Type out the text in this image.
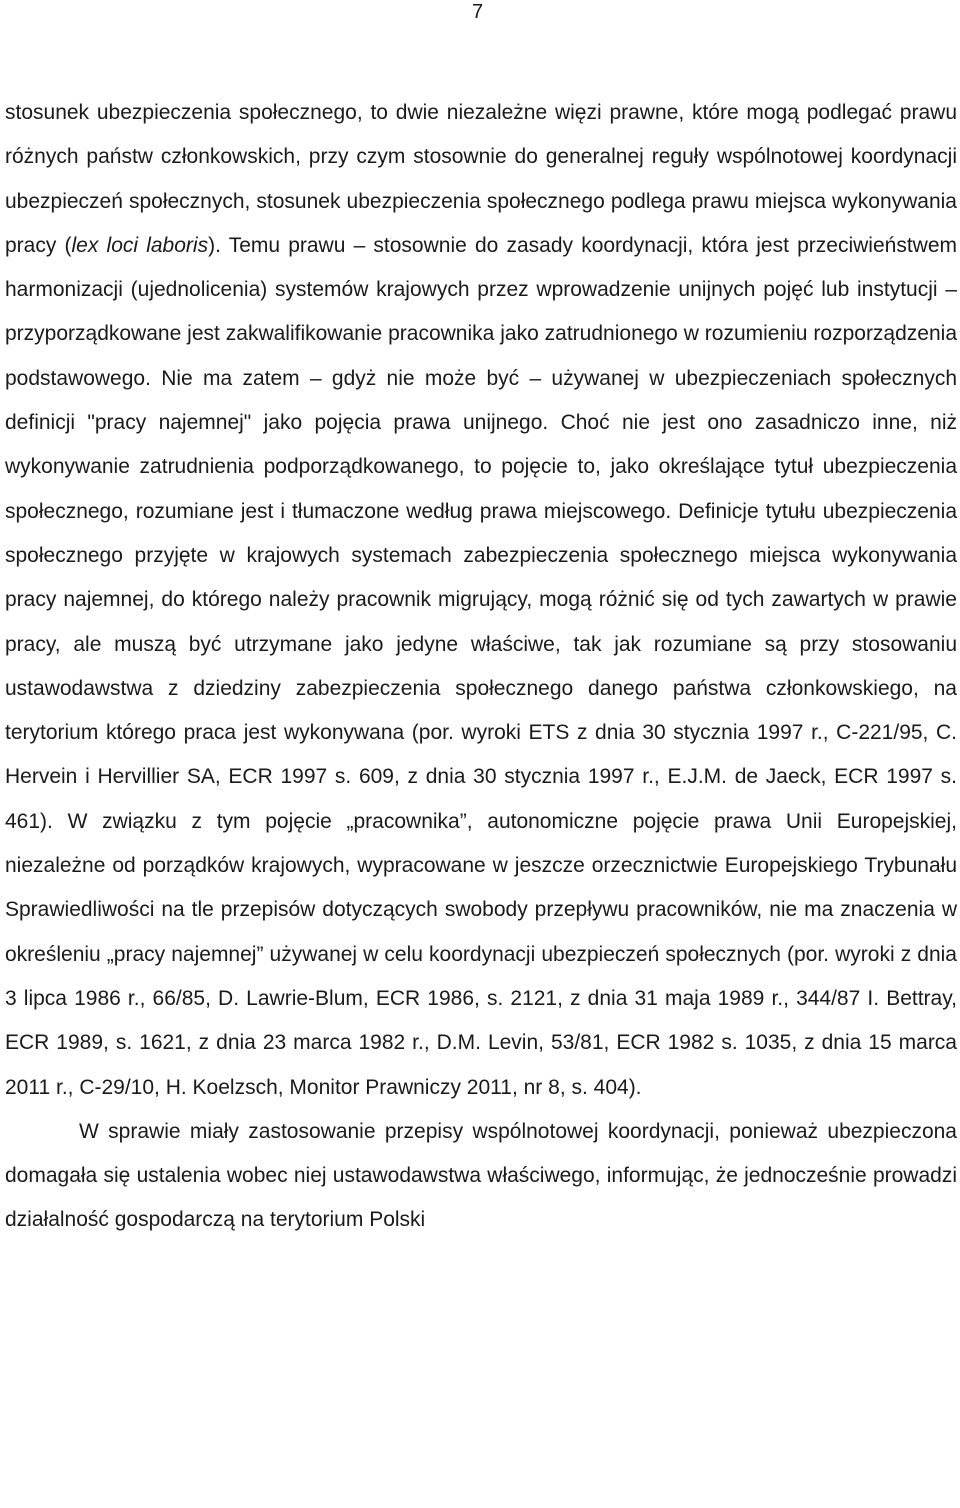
7

stosunek ubezpieczenia społecznego, to dwie niezależne więzi prawne, które mogą podlegać prawu różnych państw członkowskich, przy czym stosownie do generalnej reguły wspólnotowej koordynacji ubezpieczeń społecznych, stosunek ubezpieczenia społecznego podlega prawu miejsca wykonywania pracy (lex loci laboris). Temu prawu – stosownie do zasady koordynacji, która jest przeciwieństwem harmonizacji (ujednolicenia) systemów krajowych przez wprowadzenie unijnych pojęć lub instytucji – przyporządkowane jest zakwalifikowanie pracownika jako zatrudnionego w rozumieniu rozporządzenia podstawowego. Nie ma zatem – gdyż nie może być – używanej w ubezpieczeniach społecznych definicji "pracy najemnej" jako pojęcia prawa unijnego. Choć nie jest ono zasadniczo inne, niż wykonywanie zatrudnienia podporządkowanego, to pojęcie to, jako określające tytuł ubezpieczenia społecznego, rozumiane jest i tłumaczone według prawa miejscowego. Definicje tytułu ubezpieczenia społecznego przyjęte w krajowych systemach zabezpieczenia społecznego miejsca wykonywania pracy najemnej, do którego należy pracownik migrujący, mogą różnić się od tych zawartych w prawie pracy, ale muszą być utrzymane jako jedyne właściwe, tak jak rozumiane są przy stosowaniu ustawodawstwa z dziedziny zabezpieczenia społecznego danego państwa członkowskiego, na terytorium którego praca jest wykonywana (por. wyroki ETS z dnia 30 stycznia 1997 r., C-221/95, C. Hervein i Hervillier SA, ECR 1997 s. 609, z dnia 30 stycznia 1997 r., E.J.M. de Jaeck, ECR 1997 s. 461). W związku z tym pojęcie „pracownika”, autonomiczne pojęcie prawa Unii Europejskiej, niezależne od porządków krajowych, wypracowane w jeszcze orzecznictwie Europejskiego Trybunału Sprawiedliwości na tle przepisów dotyczących swobody przepływu pracowników, nie ma znaczenia w określeniu „pracy najemnej” używanej w celu koordynacji ubezpieczeń społecznych (por. wyroki z dnia 3 lipca 1986 r., 66/85, D. Lawrie-Blum, ECR 1986, s. 2121, z dnia 31 maja 1989 r., 344/87 I. Bettray, ECR 1989, s. 1621, z dnia 23 marca 1982 r., D.M. Levin, 53/81, ECR 1982 s. 1035, z dnia 15 marca 2011 r., C-29/10, H. Koelzsch, Monitor Prawniczy 2011, nr 8, s. 404).

W sprawie miały zastosowanie przepisy wspólnotowej koordynacji, ponieważ ubezpieczona domagała się ustalenia wobec niej ustawodawstwa właściwego, informując, że jednocześnie prowadzi działalność gospodarczą na terytorium Polski
